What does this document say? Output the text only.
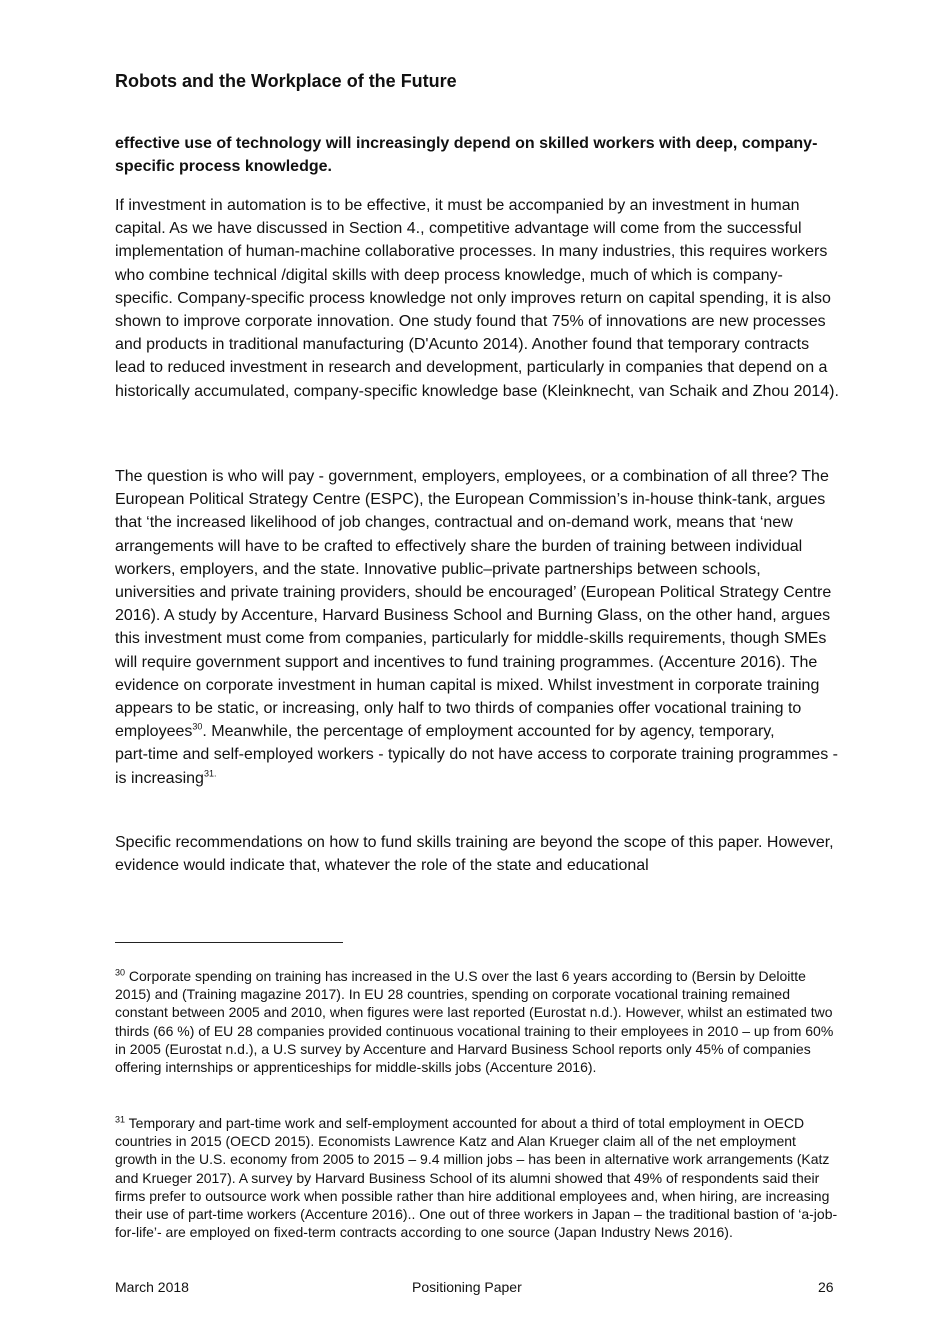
Robots and the Workplace of the Future
effective use of technology will increasingly depend on skilled workers with deep, company-specific process knowledge.

If investment in automation is to be effective, it must be accompanied by an investment in human capital. As we have discussed in Section 4., competitive advantage will come from the successful implementation of human-machine collaborative processes. In many industries, this requires workers who combine technical /digital skills with deep process knowledge, much of which is company-specific. Company-specific process knowledge not only improves return on capital spending, it is also shown to improve corporate innovation. One study found that 75% of innovations are new processes and products in traditional manufacturing (D'Acunto 2014). Another found that temporary contracts lead to reduced investment in research and development, particularly in companies that depend on a historically accumulated, company-specific knowledge base (Kleinknecht, van Schaik and Zhou 2014).

The question is who will pay - government, employers, employees, or a combination of all three? The European Political Strategy Centre (ESPC), the European Commission’s in-house think-tank, argues that ‘the increased likelihood of job changes, contractual and on-demand work, means that ‘new arrangements will have to be crafted to effectively share the burden of training between individual workers, employers, and the state. Innovative public–private partnerships between schools, universities and private training providers, should be encouraged’ (European Political Strategy Centre 2016). A study by Accenture, Harvard Business School and Burning Glass, on the other hand, argues this investment must come from companies, particularly for middle-skills requirements, though SMEs will require government support and incentives to fund training programmes. (Accenture 2016). The evidence on corporate investment in human capital is mixed. Whilst investment in corporate training appears to be static, or increasing, only half to two thirds of companies offer vocational training to employees$^{30}$. Meanwhile, the percentage of employment accounted for by agency, temporary, part‑time and self‑employed workers - typically do not have access to corporate training programmes - is increasing$^{31.}$

Specific recommendations on how to fund skills training are beyond the scope of this paper. However, evidence would indicate that, whatever the role of the state and educational

$^{30}$ Corporate spending on training has increased in the U.S over the last 6 years according to (Bersin by Deloitte 2015) and (Training magazine 2017). In EU 28 countries, spending on corporate vocational training remained constant between 2005 and 2010, when figures were last reported (Eurostat n.d.). However, whilst an estimated two thirds (66 %) of EU 28 companies provided continuous vocational training to their employees in 2010 – up from 60% in 2005 (Eurostat n.d.), a U.S survey by Accenture and Harvard Business School reports only 45% of companies offering internships or apprenticeships for middle-skills jobs (Accenture 2016).

$^{31}$ Temporary and part‑time work and self‑employment accounted for about a third of total employment in OECD countries in 2015 (OECD 2015). Economists Lawrence Katz and Alan Krueger claim all of the net employment growth in the U.S. economy from 2005 to 2015 – 9.4 million jobs – has been in alternative work arrangements (Katz and Krueger 2017). A survey by Harvard Business School of its alumni showed that 49% of respondents said their firms prefer to outsource work when possible rather than hire additional employees and, when hiring, are increasing their use of part-time workers (Accenture 2016).. One out of three workers in Japan – the traditional bastion of ‘a-job-for-life’- are employed on fixed-term contracts according to one source (Japan Industry News 2016).

March 2018	Positioning Paper	26
